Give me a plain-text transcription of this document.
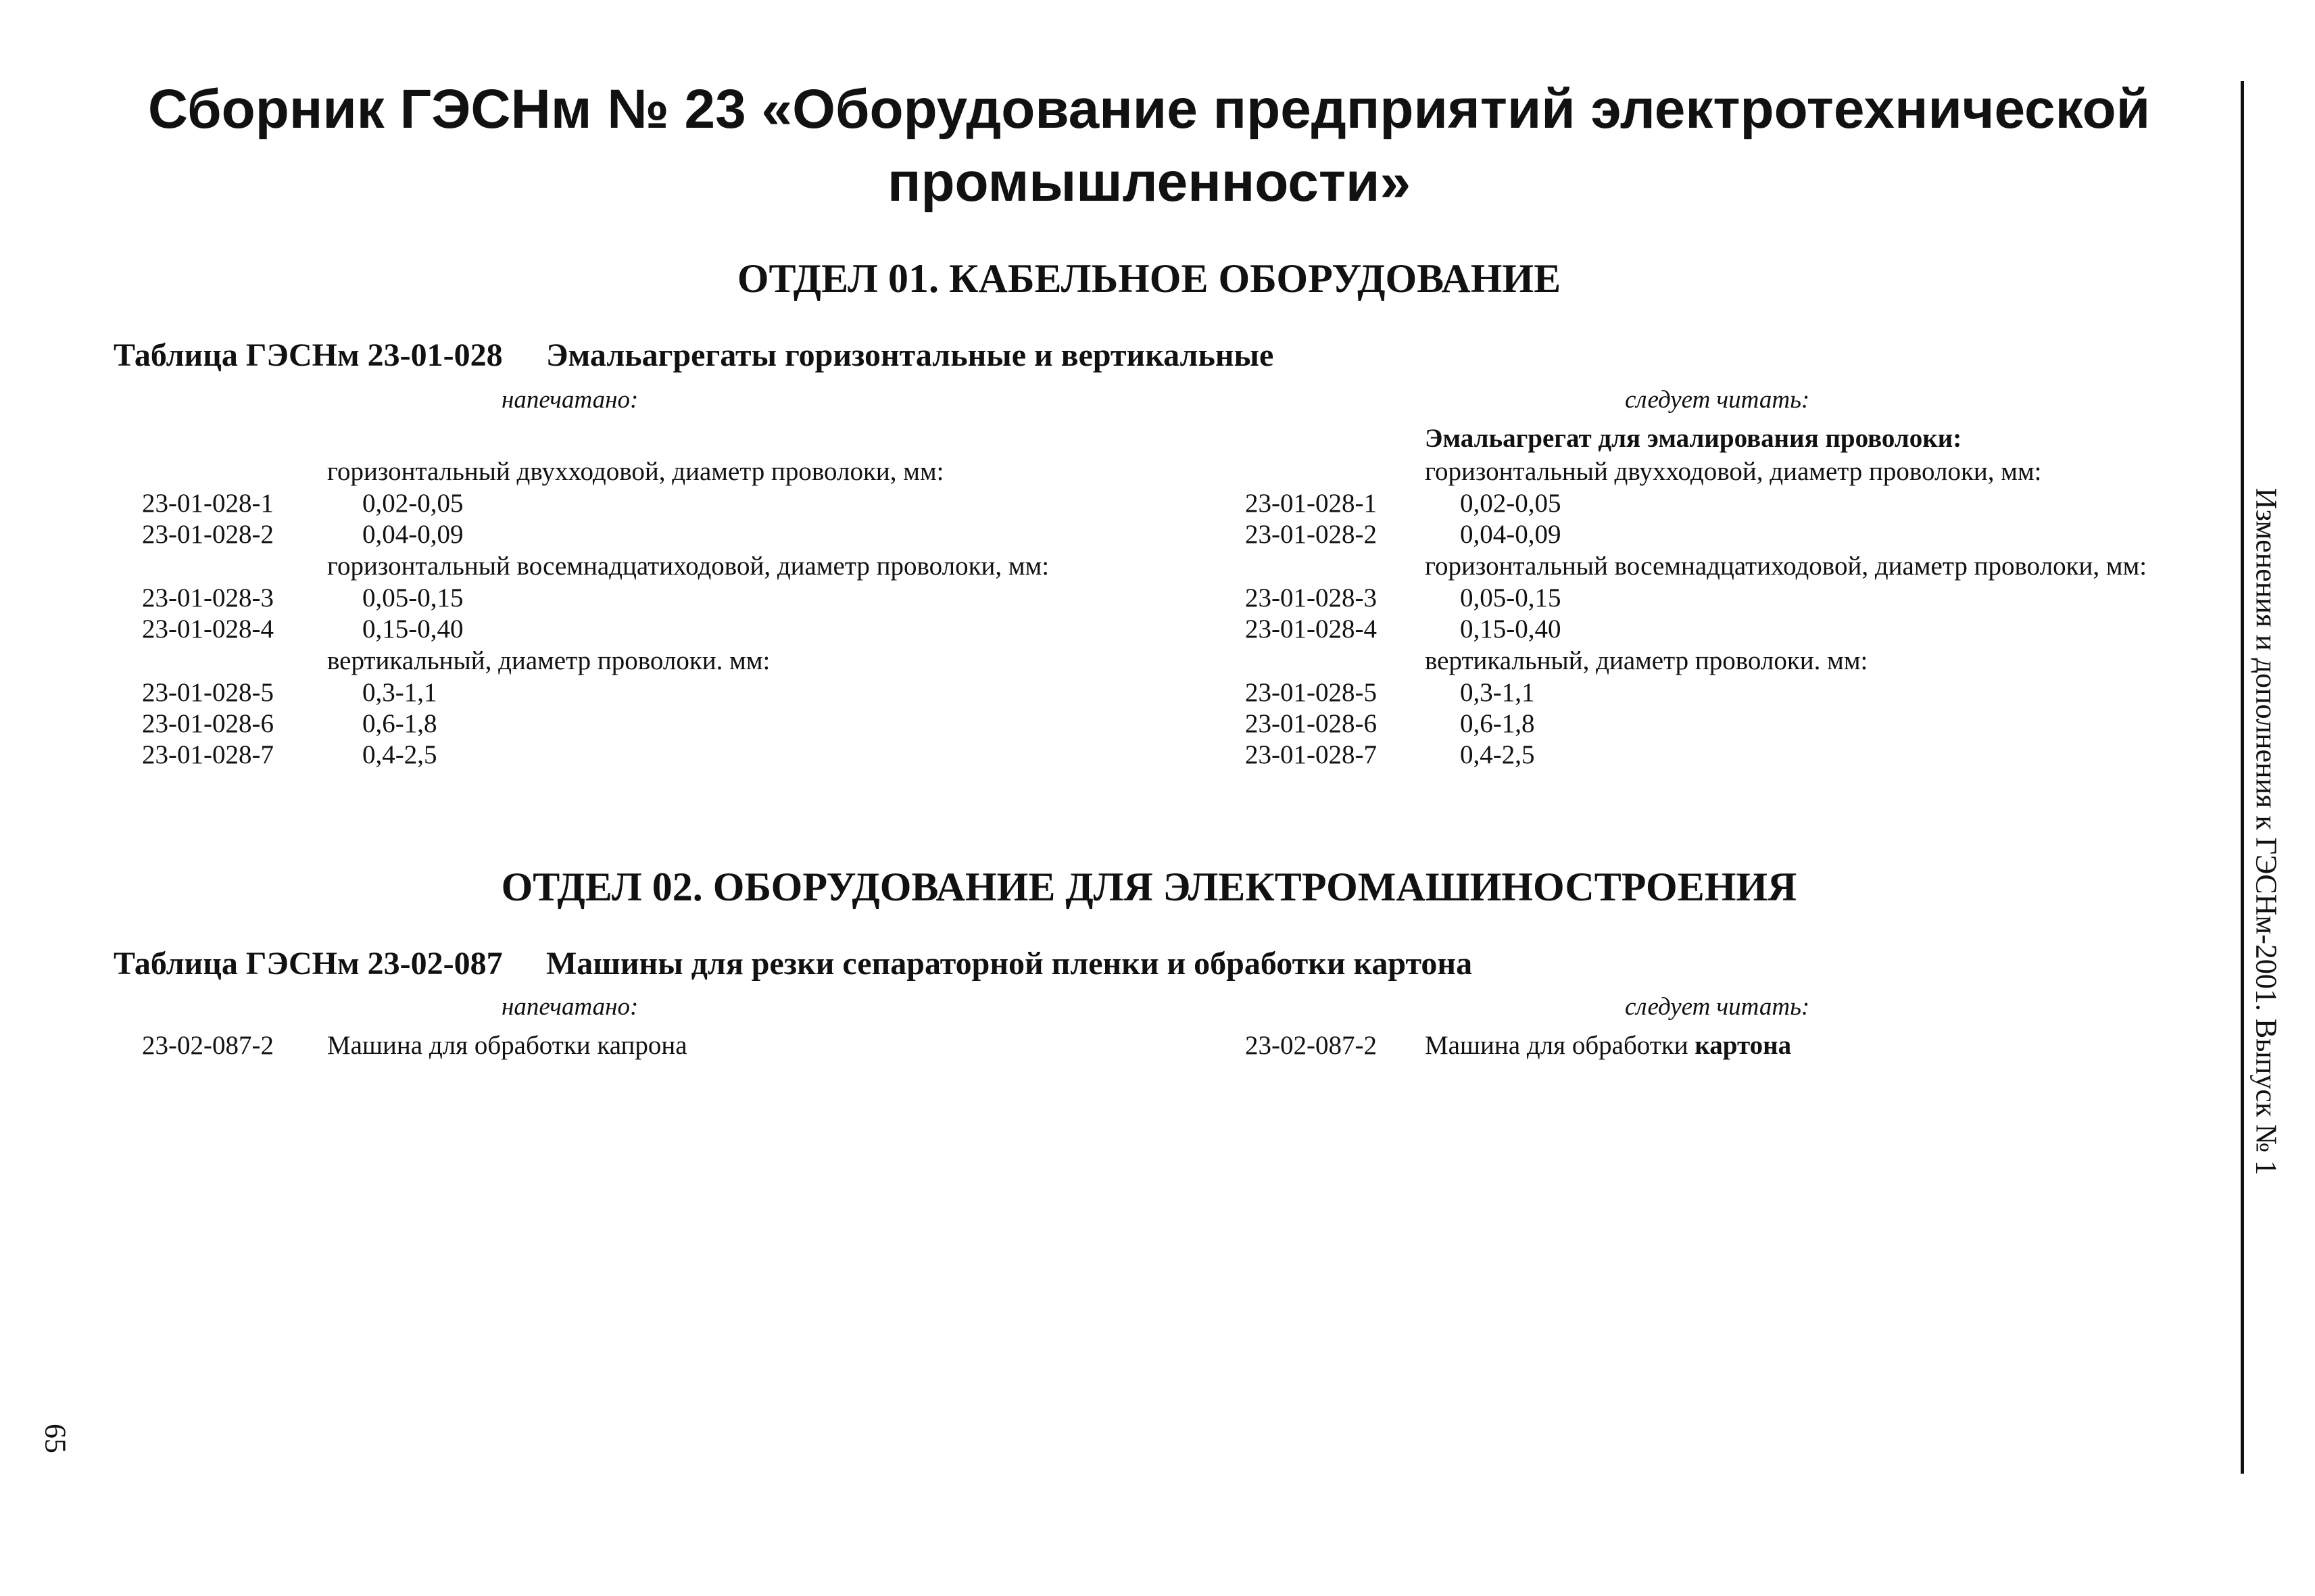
Сборник ГЭСНм № 23 «Оборудование предприятий электротехнической промышленности»
ОТДЕЛ 01. КАБЕЛЬНОЕ ОБОРУДОВАНИЕ
Таблица ГЭСНм 23-01-028 Эмальагрегаты горизонтальные и вертикальные
напечатано:	следует читать:
Эмальагрегат для эмалирования проволоки:
горизонтальный двухходовой, диаметр проволоки, мм:	горизонтальный двухходовой, диаметр проволоки, мм:
23-01-028-1	0,02-0,05	23-01-028-1	0,02-0,05
23-01-028-2	0,04-0,09	23-01-028-2	0,04-0,09
горизонтальный восемнадцатиходовой, диаметр проволоки, мм:	горизонтальный восемнадцатиходовой, диаметр проволоки, мм:
23-01-028-3	0,05-0,15	23-01-028-3	0,05-0,15
23-01-028-4	0,15-0,40	23-01-028-4	0,15-0,40
вертикальный, диаметр проволоки. мм:	вертикальный, диаметр проволоки. мм:
23-01-028-5	0,3-1,1	23-01-028-5	0,3-1,1
23-01-028-6	0,6-1,8	23-01-028-6	0,6-1,8
23-01-028-7	0,4-2,5	23-01-028-7	0,4-2,5
ОТДЕЛ 02. ОБОРУДОВАНИЕ ДЛЯ ЭЛЕКТРОМАШИНОСТРОЕНИЯ
Таблица ГЭСНм 23-02-087 Машины для резки сепараторной пленки и обработки картона
напечатано:	следует читать:
23-02-087-2 Машина для обработки капрона	23-02-087-2 Машина для обработки картона	Изменения и дополнения к ГЭСНм-2001. Выпуск № 1
65
